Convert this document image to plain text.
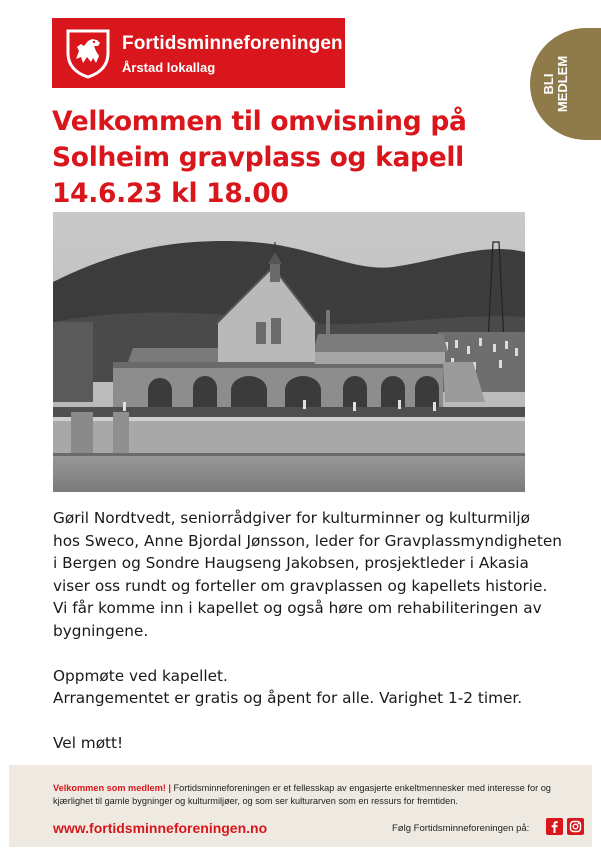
Fortidsminneforeningen
Årstad lokallag
BLI MEDLEM
Velkommen til omvisning på
Solheim gravplass og kapell
14.6.23 kl 18.00

Gøril Nordtvedt, seniorrådgiver for kulturminner og kulturmiljø

hos Sweco, Anne Bjordal Jønsson, leder for Gravplassmyndigheten

i Bergen og Sondre Haugseng Jakobsen, prosjektleder i Akasia

viser oss rundt og forteller om gravplassen og kapellets historie.

Vi får komme inn i kapellet og også høre om rehabiliteringen av

bygningene.

Oppmøte ved kapellet.

Arrangementet er gratis og åpent for alle. Varighet 1-2 timer.

Vel møtt!

Velkommen som medlem! | Fortidsminneforeningen er et fellesskap av engasjerte enkeltmennesker med interesse for og kjærlighet til gamle bygninger og kulturmiljøer, og som ser kulturarven som en ressurs for fremtiden.
www.fortidsminneforeningen.no	Følg Fortidsminneforeningen på:
